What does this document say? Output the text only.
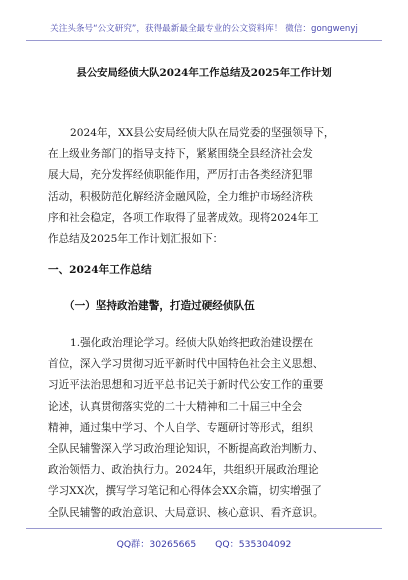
关注头条号“公文研究”，获得最新最全最专业的公文资料库！ 微信：gongwenyj
县公安局经侦大队2024年工作总结及2025年工作计划
2024年，XX县公安局经侦大队在局党委的坚强领导下，
在上级业务部门的指导支持下，紧紧围绕全县经济社会发
展大局，充分发挥经侦职能作用，严厉打击各类经济犯罪
活动，积极防范化解经济金融风险，全力维护市场经济秩
序和社会稳定，各项工作取得了显著成效。现将2024年工
作总结及2025年工作计划汇报如下：
一、2024年工作总结
（一）坚持政治建警，打造过硬经侦队伍
1.强化政治理论学习。经侦大队始终把政治建设摆在
首位，深入学习贯彻习近平新时代中国特色社会主义思想、
习近平法治思想和习近平总书记关于新时代公安工作的重要
论述，认真贯彻落实党的二十大精神和二十届三中全会
精神，通过集中学习、个人自学、专题研讨等形式，组织
全队民辅警深入学习政治理论知识，不断提高政治判断力、
政治领悟力、政治执行力。2024年，共组织开展政治理论
学习XX次，撰写学习笔记和心得体会XX余篇，切实增强了
全队民辅警的政治意识、大局意识、核心意识、看齐意识。
QQ群：30265665 QQ：535304092
